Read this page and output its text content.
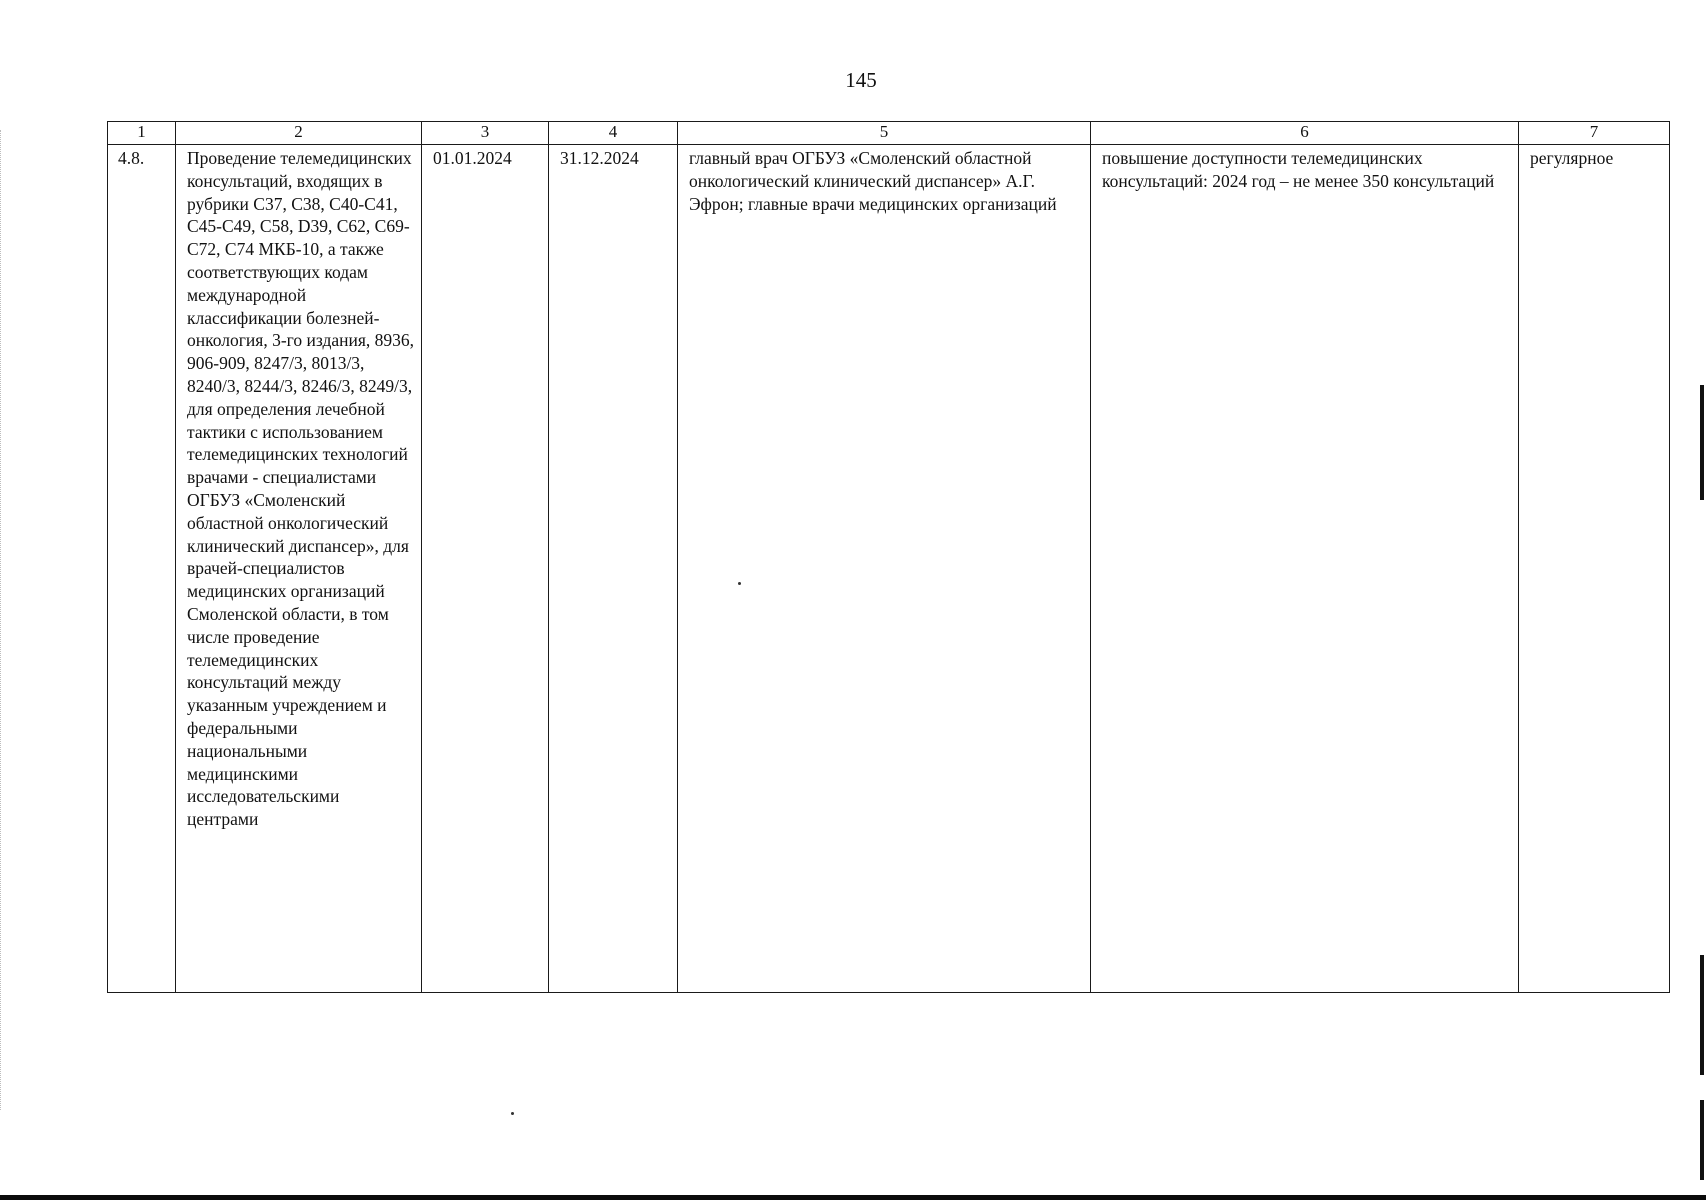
145
1	2	3	4	5	6	7
4.8.	Проведение телемедицинских консультаций, входящих в рубрики С37, С38, С40-С41, С45-С49, С58, D39, С62, С69-С72, С74 МКБ-10, а также соответствующих кодам международной классификации болезней-онкология, 3-го издания, 8936, 906-909, 8247/3, 8013/3, 8240/3, 8244/3, 8246/3, 8249/3, для определения лечебной тактики с использованием телемедицинских технологий врачами - специалистами ОГБУЗ «Смоленский областной онкологический клинический диспансер», для врачей-специалистов медицинских организаций Смоленской области, в том числе проведение телемедицинских консультаций между указанным учреждением и федеральными национальными медицинскими исследовательскими центрами	01.01.2024	31.12.2024	главный врач ОГБУЗ «Смоленский областной онкологический клинический диспансер» А.Г. Эфрон; главные врачи медицинских организаций	повышение доступности телемедицинских консультаций: 2024 год – не менее 350 консультаций	регулярное
